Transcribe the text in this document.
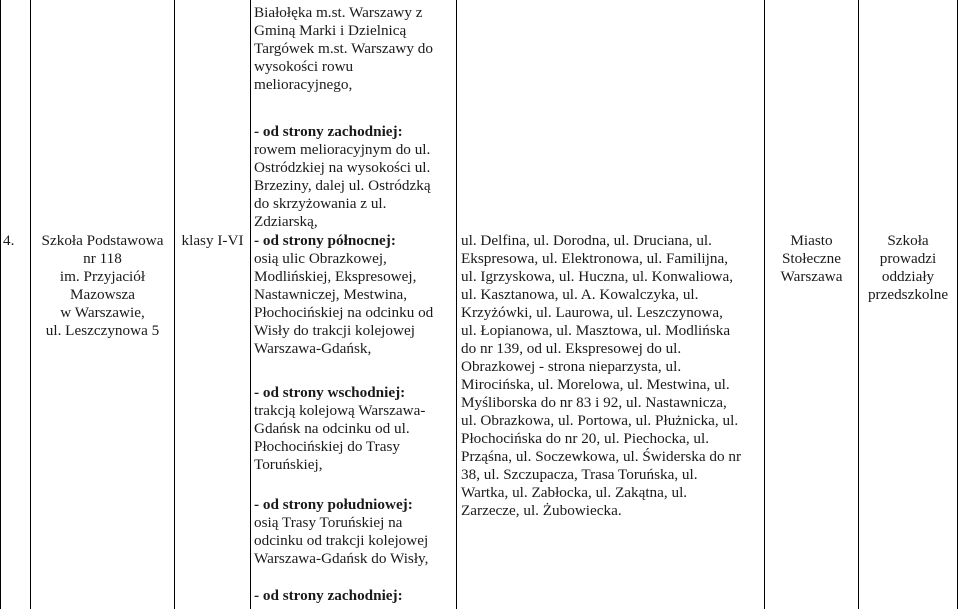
4.	Szkoła Podstawowa
nr 118
im. Przyjaciół
Mazowsza
w Warszawie,
ul. Leszczynowa 5
klasy I-VI
Białołęka m.st. Warszawy z
Gminą Marki i Dzielnicą
Targówek m.st. Warszawy do
wysokości rowu
melioracyjnego,

- od strony zachodniej:

rowem melioracyjnym do ul.
Ostródzkiej na wysokości ul.
Brzeziny, dalej ul. Ostródzką
do skrzyżowania z ul.
Zdziarską,

- od strony północnej:

osią ulic Obrazkowej,
Modlińskiej, Ekspresowej,
Nastawniczej, Mestwina,
Płochocińskiej na odcinku od
Wisły do trakcji kolejowej
Warszawa-Gdańsk,

- od strony wschodniej:

trakcją kolejową Warszawa-
Gdańsk na odcinku od ul.
Płochocińskiej do Trasy
Toruńskiej,

- od strony południowej:

osią Trasy Toruńskiej na
odcinku od trakcji kolejowej
Warszawa-Gdańsk do Wisły,

- od strony zachodniej:

ul. Delfina, ul. Dorodna, ul. Druciana, ul.
Ekspresowa, ul. Elektronowa, ul. Familijna,
ul. Igrzyskowa, ul. Huczna, ul. Konwaliowa,
ul. Kasztanowa, ul. A. Kowalczyka, ul.
Krzyżówki, ul. Laurowa, ul. Leszczynowa,
ul. Łopianowa, ul. Masztowa, ul. Modlińska
do nr 139, od ul. Ekspresowej do ul.
Obrazkowej - strona nieparzysta, ul.
Mirocińska, ul. Morelowa, ul. Mestwina, ul.
Myśliborska do nr 83 i 92, ul. Nastawnicza,
ul. Obrazkowa, ul. Portowa, ul. Płużnicka, ul.
Płochocińska do nr 20, ul. Piechocka, ul.
Prząśna, ul. Soczewkowa, ul. Świderska do nr
38, ul. Szczupacza, Trasa Toruńska, ul.
Wartka, ul. Zabłocka, ul. Zakątna, ul.
Zarzecze, ul. Żubowiecka.
Miasto
Stołeczne
Warszawa
Szkoła
prowadzi
oddziały
przedszkolne
